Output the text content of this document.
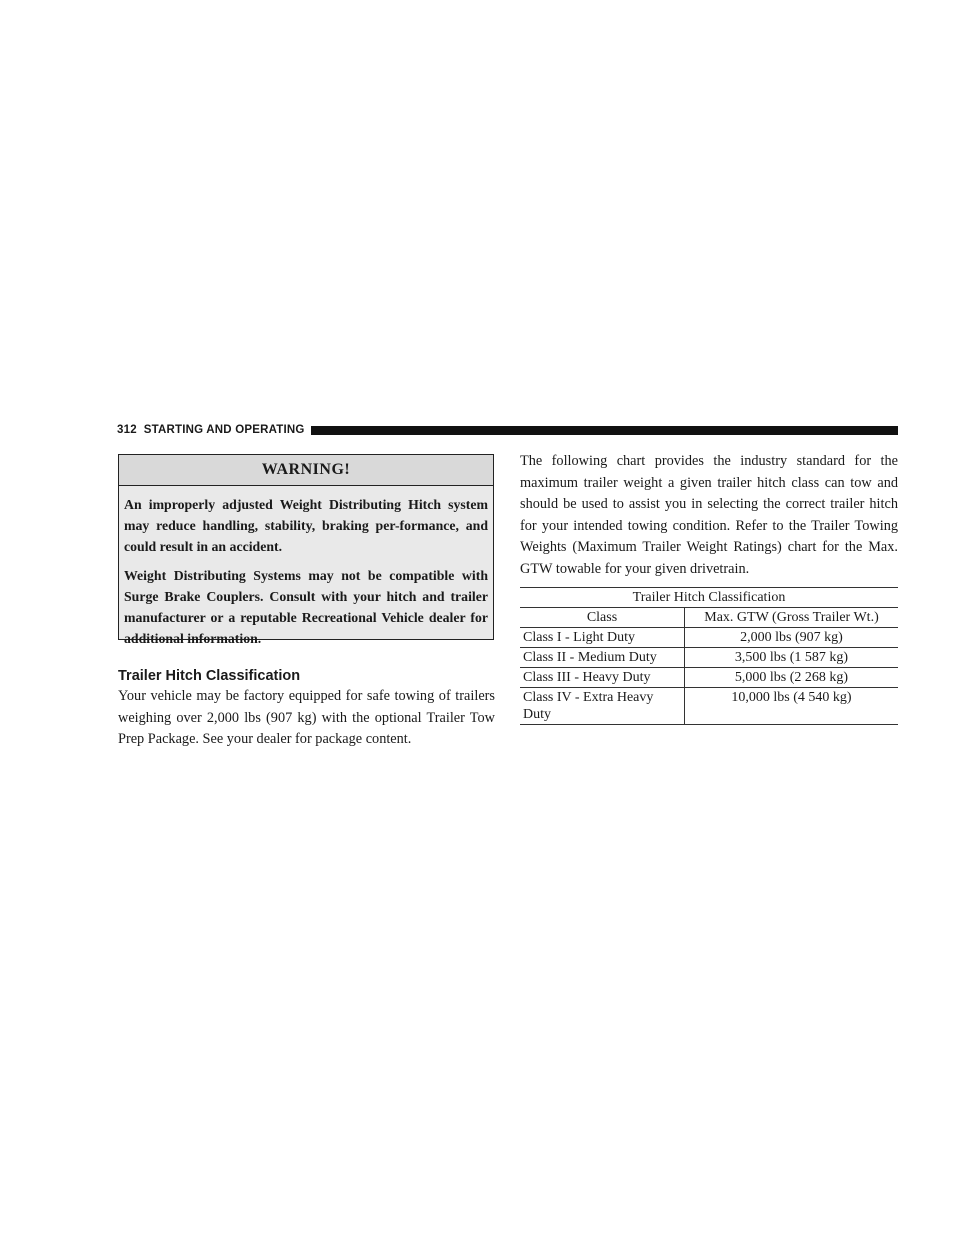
312 STARTING AND OPERATING
WARNING!

An improperly adjusted Weight Distributing Hitch system may reduce handling, stability, braking per-formance, and could result in an accident.

Weight Distributing Systems may not be compatible with Surge Brake Couplers. Consult with your hitch and trailer manufacturer or a reputable Recreational Vehicle dealer for additional information.

Trailer Hitch Classification

Your vehicle may be factory equipped for safe towing of trailers weighing over 2,000 lbs (907 kg) with the optional Trailer Tow Prep Package. See your dealer for package content.

The following chart provides the industry standard for the maximum trailer weight a given trailer hitch class can tow and should be used to assist you in selecting the correct trailer hitch for your intended towing condition. Refer to the Trailer Towing Weights (Maximum Trailer Weight Ratings) chart for the Max. GTW towable for your given drivetrain.

Trailer Hitch Classification	
Class	Max. GTW (Gross Trailer Wt.)
Class I - Light Duty	2,000 lbs (907 kg)
Class II - Medium Duty	3,500 lbs (1 587 kg)
Class III - Heavy Duty	5,000 lbs (2 268 kg)
Class IV - Extra Heavy Duty	10,000 lbs (4 540 kg)
